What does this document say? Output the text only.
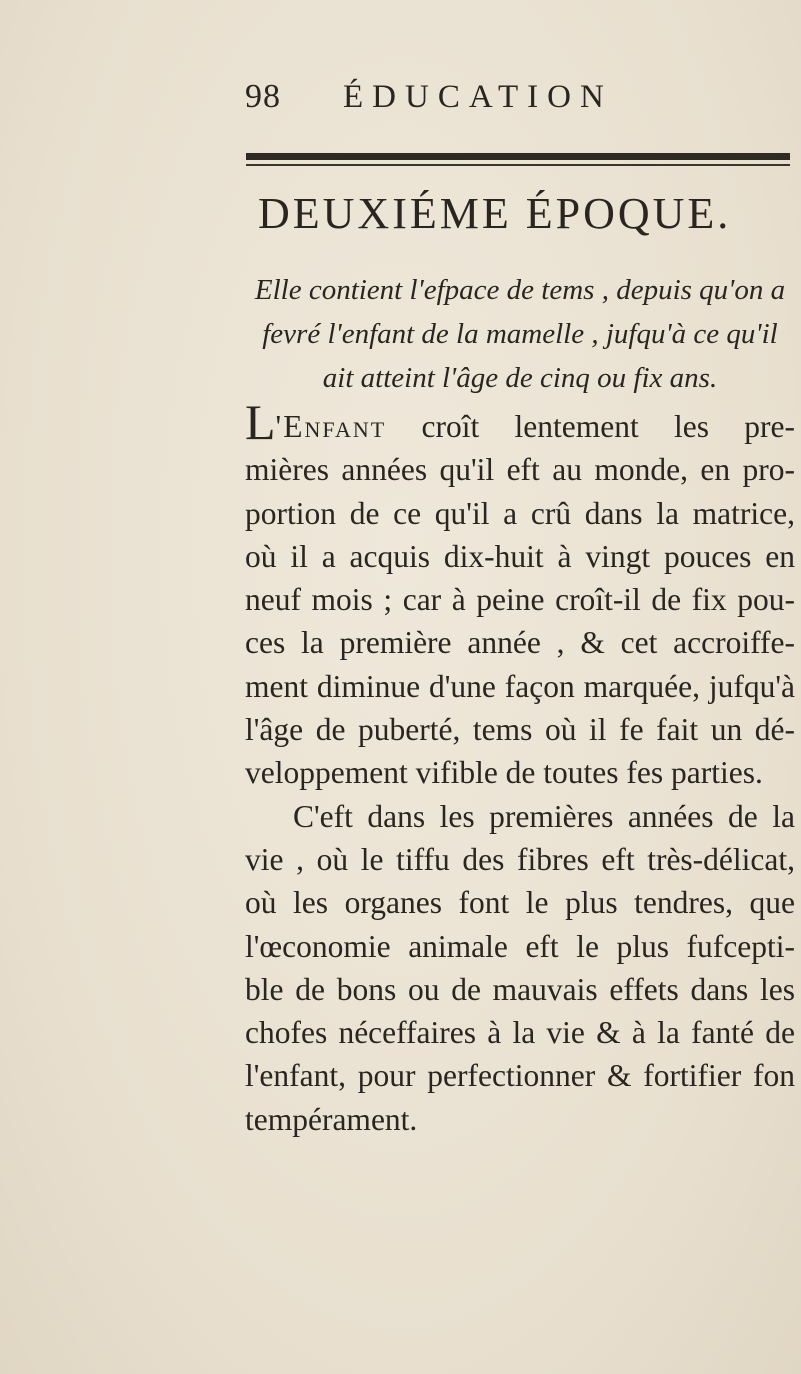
98	ÉDUCATION
DEUXIÉME ÉPOQUE.
Elle contient l'efpace de tems , depuis qu'on a
fevré l'enfant de la mamelle , jufqu'à ce qu'il
ait atteint l'âge de cinq ou fix ans.
L'Enfant croît lentement les pre-
mières années qu'il eft au monde, en pro-
portion de ce qu'il a crû dans la matrice,
où il a acquis dix-huit à vingt pouces en
neuf mois ; car à peine croît-il de fix pou-
ces la première année , & cet accroiffe-
ment diminue d'une façon marquée, jufqu'à
l'âge de puberté, tems où il fe fait un dé-
veloppement vifible de toutes fes parties.
C'eft dans les premières années de la
vie , où le tiffu des fibres eft très-délicat,
où les organes font le plus tendres, que
l'œconomie animale eft le plus fufcepti-
ble de bons ou de mauvais effets dans les
chofes néceffaires à la vie & à la fanté de
l'enfant, pour perfectionner & fortifier fon
tempérament.
